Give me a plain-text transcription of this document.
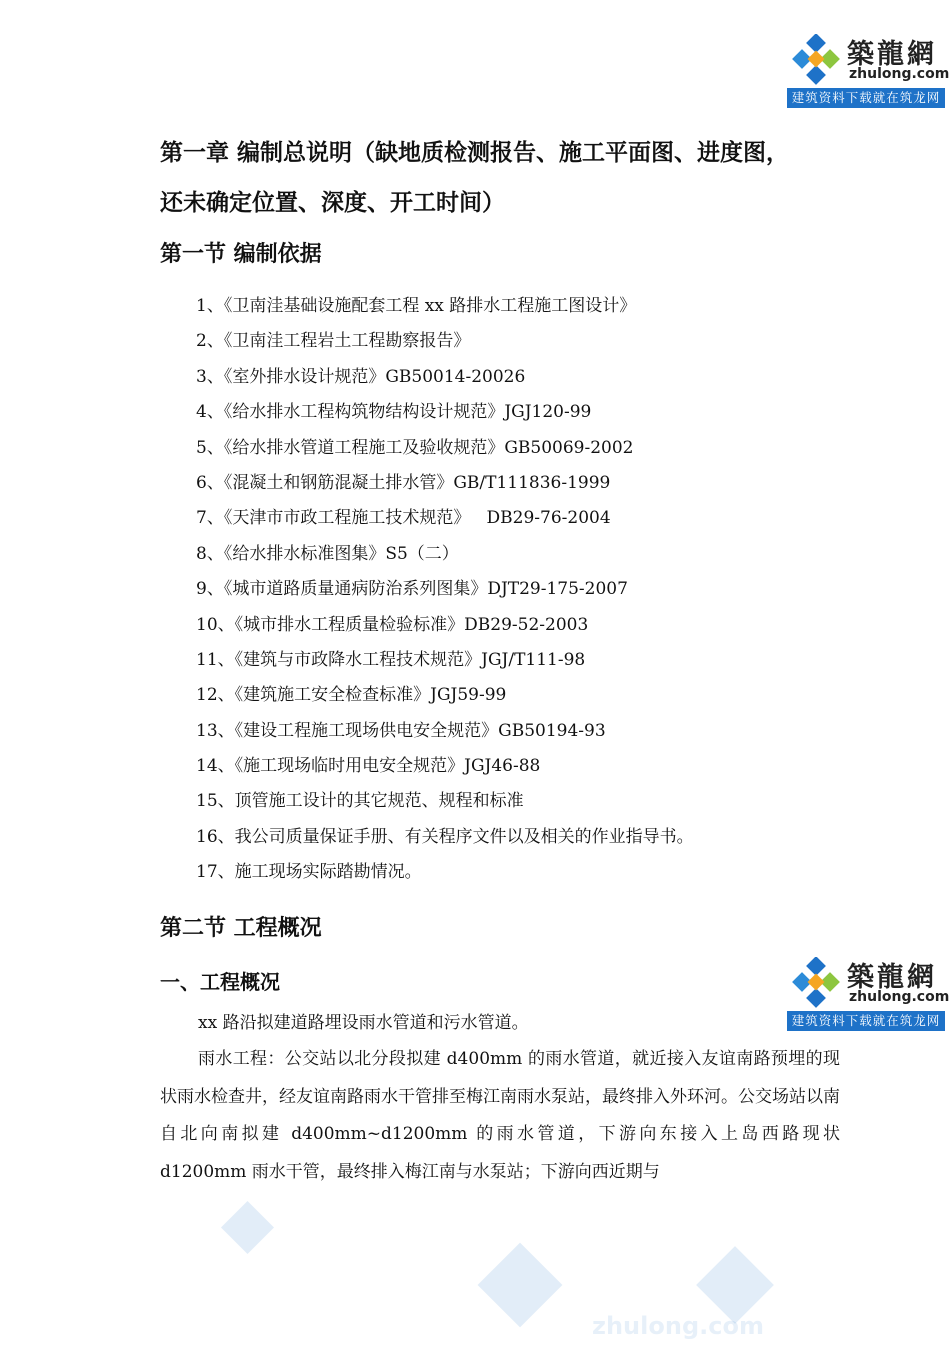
築龍網
zhulong.com
建筑资料下载就在筑龙网
築龍網
zhulong.com
建筑资料下载就在筑龙网
zhulong.com
第一章 编制总说明（缺地质检测报告、施工平面图、进度图，
还未确定位置、深度、开工时间）
第一节 编制依据
1、《卫南洼基础设施配套工程 xx 路排水工程施工图设计》
2、《卫南洼工程岩土工程勘察报告》
3、《室外排水设计规范》GB50014-20026
4、《给水排水工程构筑物结构设计规范》JGJ120-99
5、《给水排水管道工程施工及验收规范》GB50069-2002
6、《混凝土和钢筋混凝土排水管》GB/T111836-1999
7、《天津市市政工程施工技术规范》   DB29-76-2004
8、《给水排水标准图集》S5（二）
9、《城市道路质量通病防治系列图集》DJT29-175-2007
10、《城市排水工程质量检验标准》DB29-52-2003
11、《建筑与市政降水工程技术规范》JGJ/T111-98
12、《建筑施工安全检查标准》JGJ59-99
13、《建设工程施工现场供电安全规范》GB50194-93
14、《施工现场临时用电安全规范》JGJ46-88
15、顶管施工设计的其它规范、规程和标准
16、我公司质量保证手册、有关程序文件以及相关的作业指导书。
17、施工现场实际踏勘情况。
第二节 工程概况
一、工程概况

xx 路沿拟建道路埋设雨水管道和污水管道。

雨水工程：公交站以北分段拟建 d400mm 的雨水管道，就近接入友谊南路预埋的现状雨水检查井，经友谊南路雨水干管排至梅江南雨水泵站，最终排入外环河。公交场站以南自北向南拟建 d400mm~d1200mm 的雨水管道，下游向东接入上岛西路现状 d1200mm 雨水干管，最终排入梅江南与水泵站；下游向西近期与
